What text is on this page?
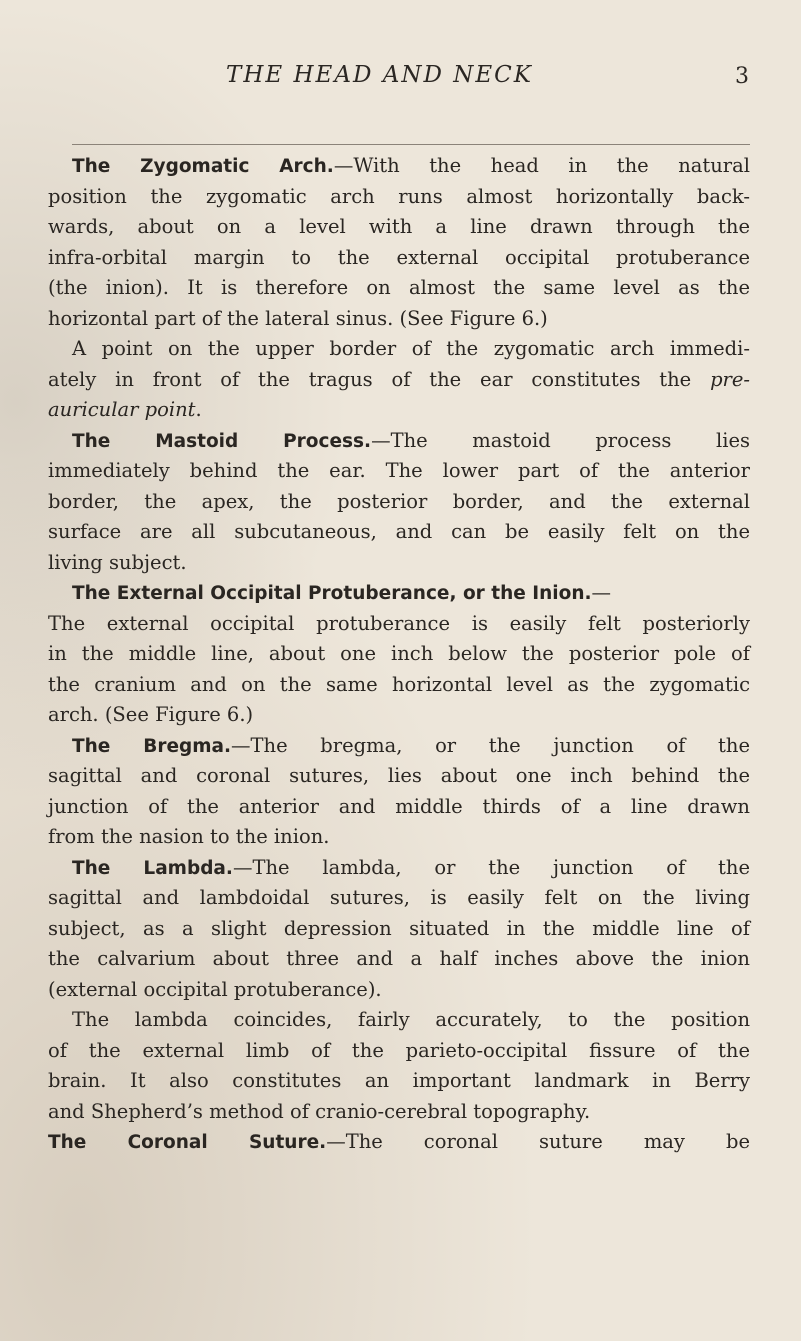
THE HEAD AND NECK	3
The Zygomatic Arch.—With the head in the natural
position the zygomatic arch runs almost horizontally back-
wards, about on a level with a line drawn through the
infra-orbital margin to the external occipital protuberance
(the inion). It is therefore on almost the same level as the
horizontal part of the lateral sinus. (See Figure 6.)
A point on the upper border of the zygomatic arch immedi-
ately in front of the tragus of the ear constitutes the pre-
auricular point.
The Mastoid Process.—The mastoid process lies
immediately behind the ear. The lower part of the anterior
border, the apex, the posterior border, and the external
surface are all subcutaneous, and can be easily felt on the
living subject.
The External Occipital Protuberance, or the Inion.—
The external occipital protuberance is easily felt posteriorly
in the middle line, about one inch below the posterior pole of
the cranium and on the same horizontal level as the zygomatic
arch. (See Figure 6.)
The Bregma.—The bregma, or the junction of the
sagittal and coronal sutures, lies about one inch behind the
junction of the anterior and middle thirds of a line drawn
from the nasion to the inion.
The Lambda.—The lambda, or the junction of the
sagittal and lambdoidal sutures, is easily felt on the living
subject, as a slight depression situated in the middle line of
the calvarium about three and a half inches above the inion
(external occipital protuberance).
The lambda coincides, fairly accurately, to the position
of the external limb of the parieto-occipital fissure of the
brain. It also constitutes an important landmark in Berry
and Shepherd’s method of cranio-cerebral topography.
The Coronal Suture.—The coronal suture may be
